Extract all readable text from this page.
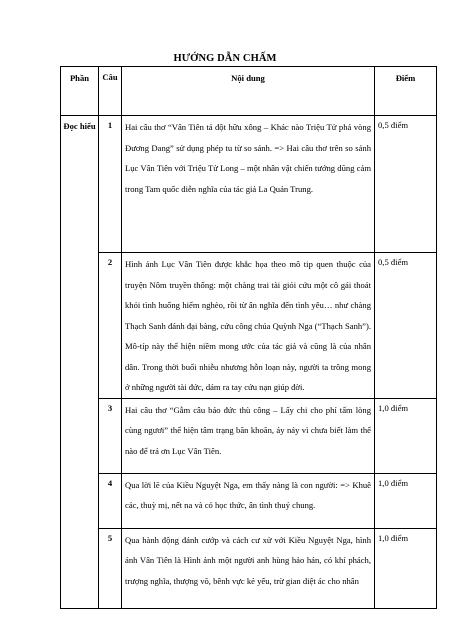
HƯỚNG DẪN CHẤM
Phần	Câu	Nội dung	Điểm
Đọc hiểu	1	Hai câu thơ “Vân Tiên tả đột hữu xông – Khác nào Triệu Tử phá vòng Đương Dang” sử dụng phép tu từ so sánh. => Hai câu thơ trên so sánh Lục Vân Tiên với Triệu Tử Long – một nhân vật chiến tướng dũng cảm trong Tam quốc diễn nghĩa của tác giả La Quán Trung.	0,5 điểm
	2	Hình ảnh Lục Vân Tiên được khắc họa theo mô tip quen thuộc của truyện Nôm truyền thống: một chàng trai tài giỏi cứu một cô gái thoát khỏi tình huống hiểm nghèo, rồi từ ân nghĩa đến tình yêu… như chàng Thạch Sanh đánh đại bàng, cứu công chúa Quỳnh Nga (“Thạch Sanh”). Mô-típ này thể hiện niềm mong ước của tác giả và cũng là của nhân dân. Trong thời buổi nhiễu nhương hỗn loạn này, người ta trông mong ở những người tài đức, dám ra tay cứu nạn giúp đời.	0,5 điểm
	3	Hai câu thơ “Gẫm câu báo đức thù công – Lấy chi cho phí tấm lòng cùng ngươi” thể hiện tâm trạng băn khoăn, áy náy vì chưa biết làm thế nào để trả ơn Lục Vân Tiên.	1,0 điểm
	4	Qua lời lẽ của Kiều Nguyệt Nga, em thấy nàng là con người: => Khuê các, thuỳ mị, nết na và có học thức, ân tình thuỷ chung.	1,0 điểm
	5	Qua hành động đánh cướp và cách cư xử với Kiều Nguyệt Nga, hình ảnh Vân Tiên là Hình ảnh một người anh hùng hảo hán, có khí phách, trượng nghĩa, thượng võ, bênh vực kẻ yếu, trừ gian diệt ác cho nhân	1,0 điểm
